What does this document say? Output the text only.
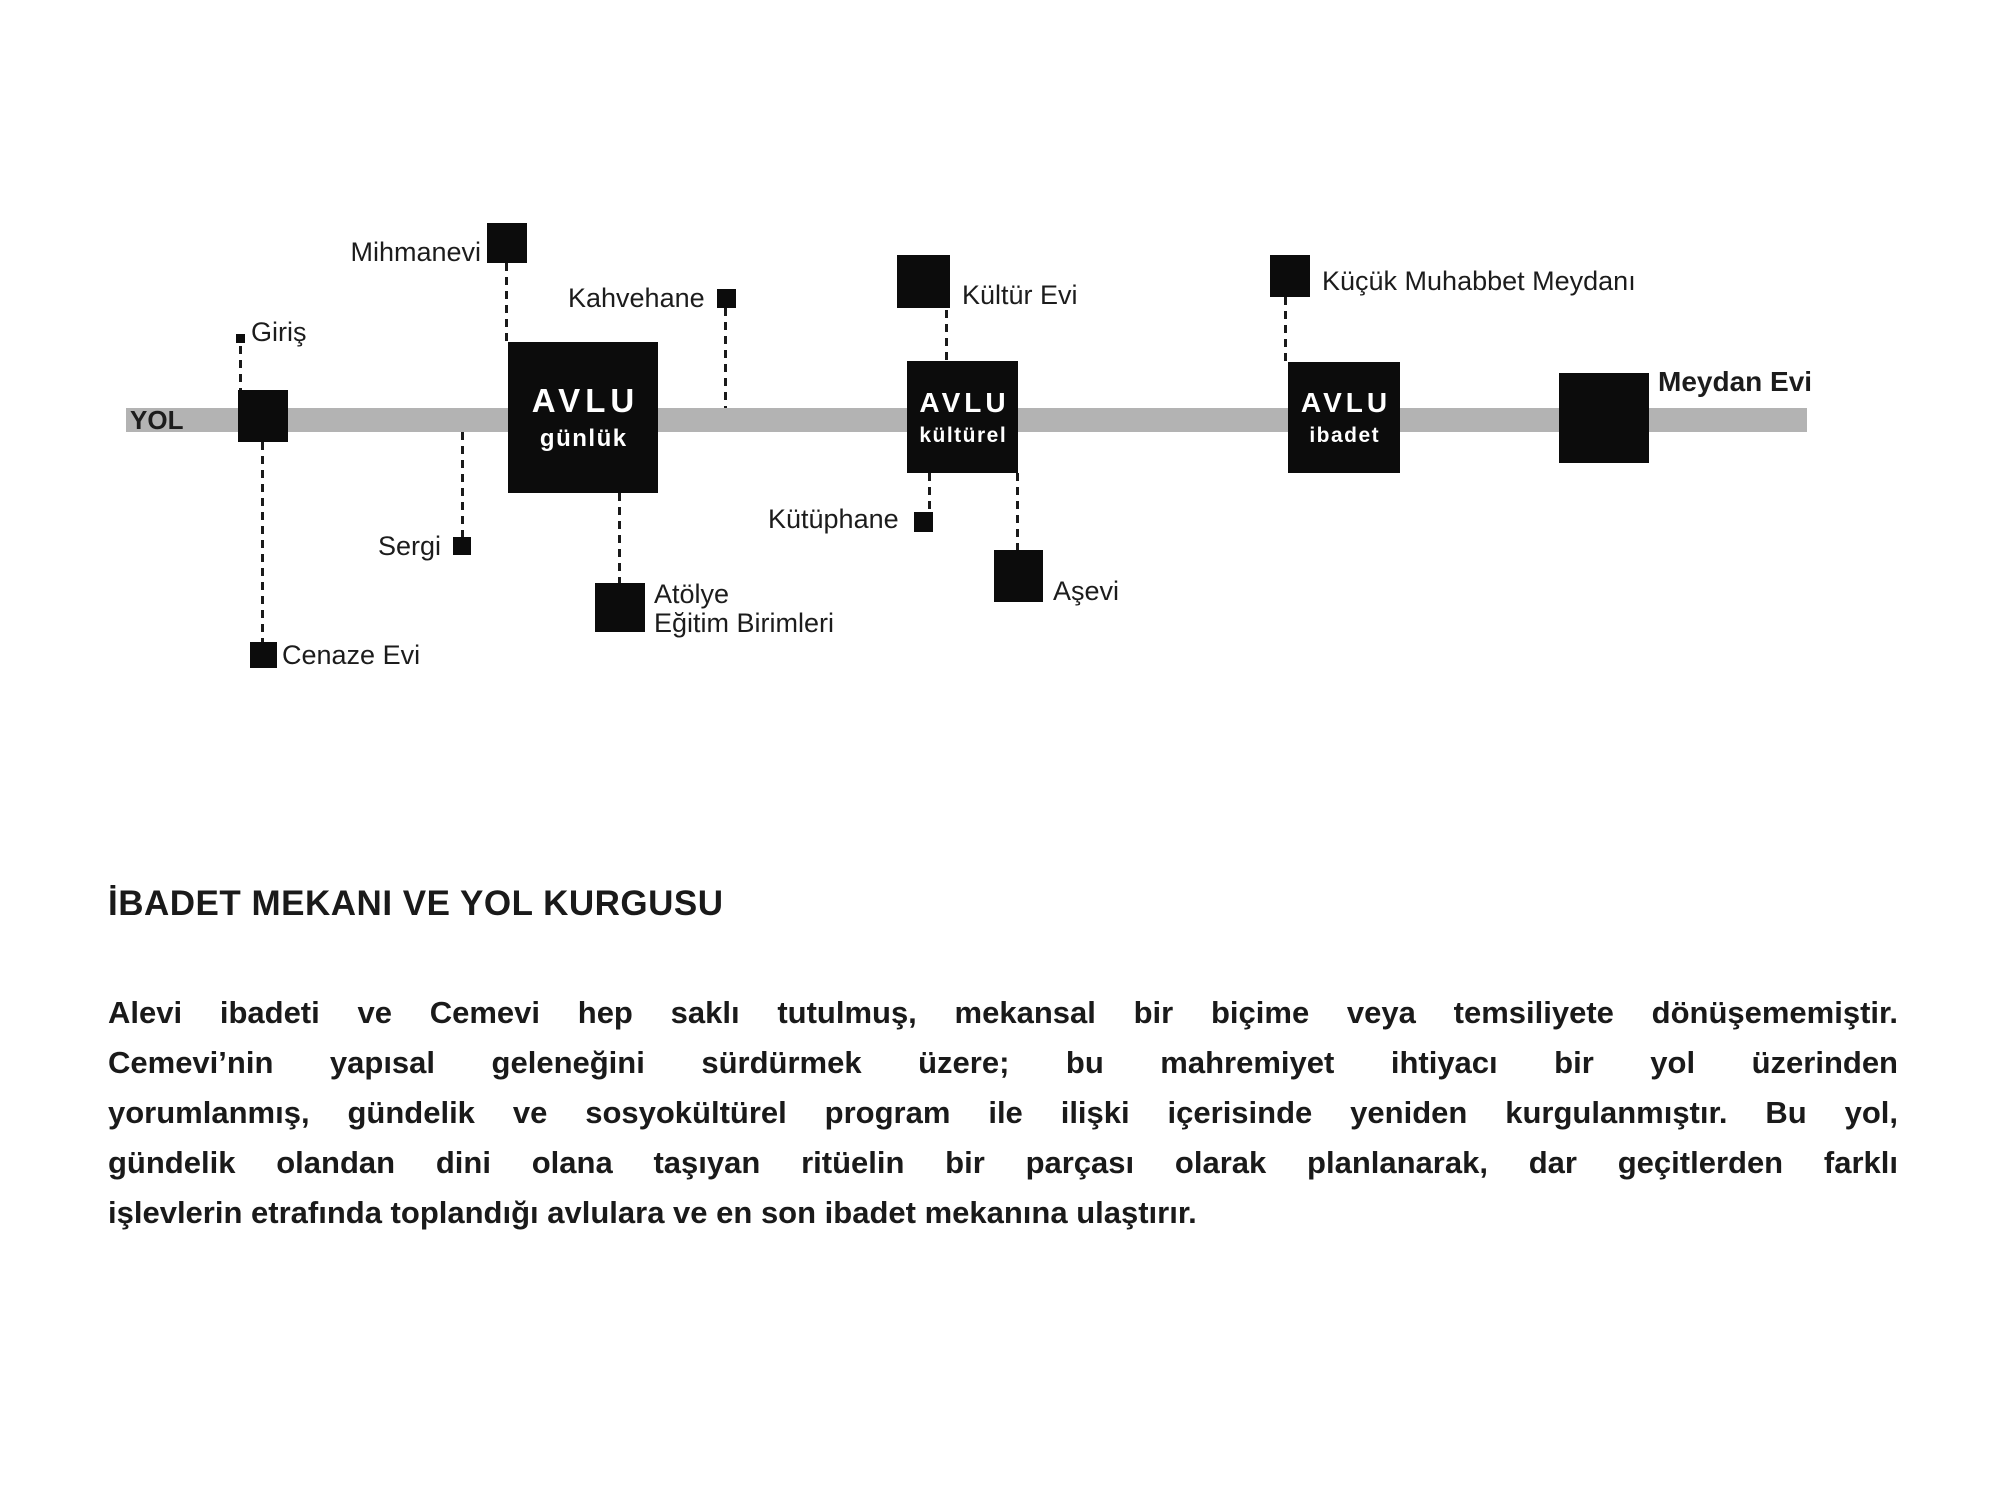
YOL
AVLU
günlük
AVLU
kültürel
AVLU
ibadet
Giriş
Mihmanevi
Kahvehane	Kültür Evi	Küçük Muhabbet Meydanı
Meydan Evi
Sergi
Kütüphane
Cenaze Evi
Atölye
Eğitim Birimleri
Aşevi
İBADET MEKANI VE YOL KURGUSU
Alevi ibadeti ve Cemevi hep saklı tutulmuş, mekansal bir biçime veya temsiliyete dönüşememiştir.
Cemevi’nin yapısal geleneğini sürdürmek üzere; bu mahremiyet ihtiyacı bir yol üzerinden
yorumlanmış, gündelik ve sosyokültürel program ile ilişki içerisinde yeniden kurgulanmıştır. Bu yol,
gündelik olandan dini olana taşıyan ritüelin bir parçası olarak planlanarak, dar geçitlerden farklı
işlevlerin etrafında toplandığı avlulara ve en son ibadet mekanına ulaştırır.
